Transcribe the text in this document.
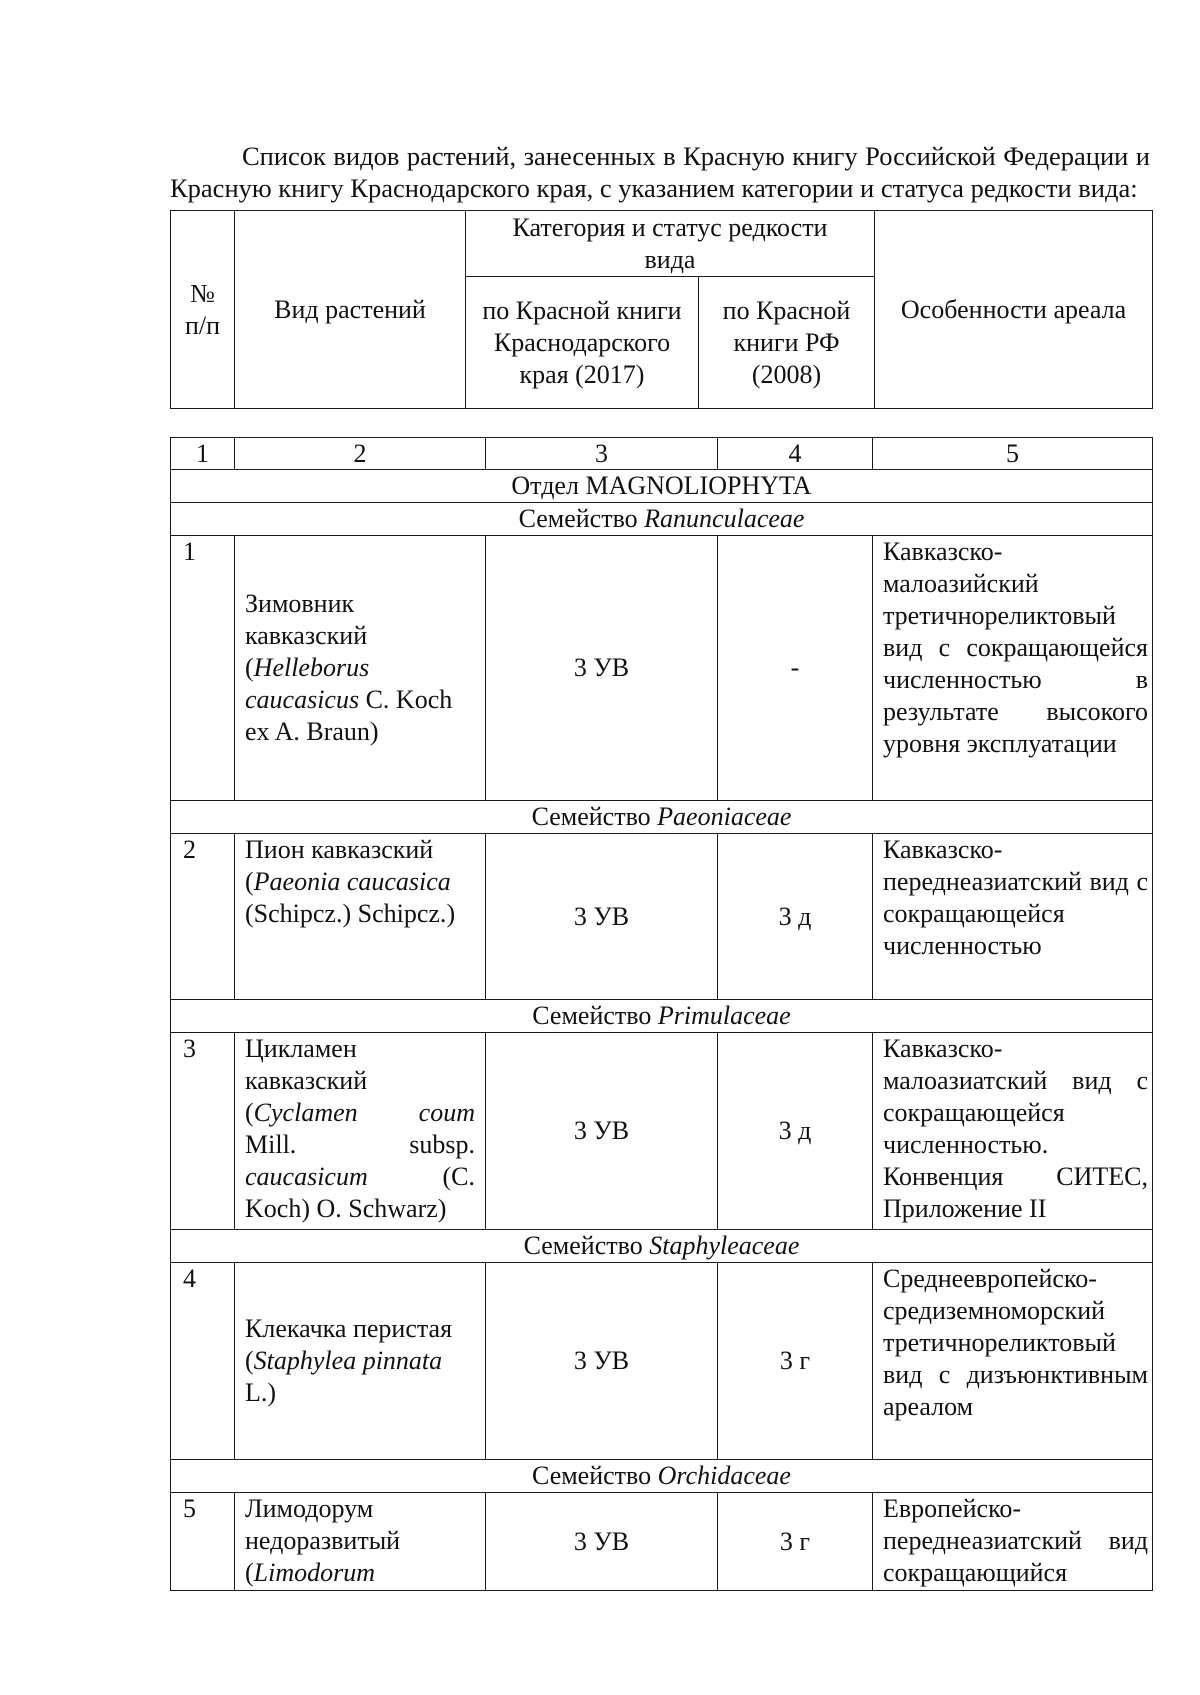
Список видов растений, занесенных в Красную книгу Российской Федерации и Красную книгу Краснодарского края, с указанием категории и статуса редкости вида:

№ п/п	Вид растений	Категория и статус редкости вида		Особенности ареала
		по Красной книги Краснодарского края (2017)	по Красной книги РФ (2008)	
1	2	3	4	5
Отдел MAGNOLIOPHYTA				
Семейство Ranunculaceae				
1	Зимовник кавказский (Helleborus caucasicus C. Koch ex A. Braun)	3 УВ	-	Кавказско-малоазийский третичнореликтовый вид с сокращающейся численностью в результате высокого уровня эксплуатации
Семейство Paeoniaceae				
2	Пион кавказский (Paeonia caucasica (Schipcz.) Schipcz.)	3 УВ	3 д	Кавказско-переднеазиатский вид с сокращающейся численностью
Семейство Primulaceae				
3	Цикламен кавказский (Cyclamen coum Mill. subsp. caucasicum (C. Koch) O. Schwarz)	3 УВ	3 д	Кавказско-малоазиатский вид с сокращающейся численностью. Конвенция СИТЕС, Приложение II
Семейство Staphyleaceae				
4	Клекачка перистая (Staphylea pinnata L.)	3 УВ	3 г	Среднеевропейско-средиземноморский третичнореликтовый вид с дизъюнктивным ареалом
Семейство Orchidaceae				
5	Лимодорум недоразвитый (Limodorum	3 УВ	3 г	Европейско-переднеазиатский вид сокращающийся
